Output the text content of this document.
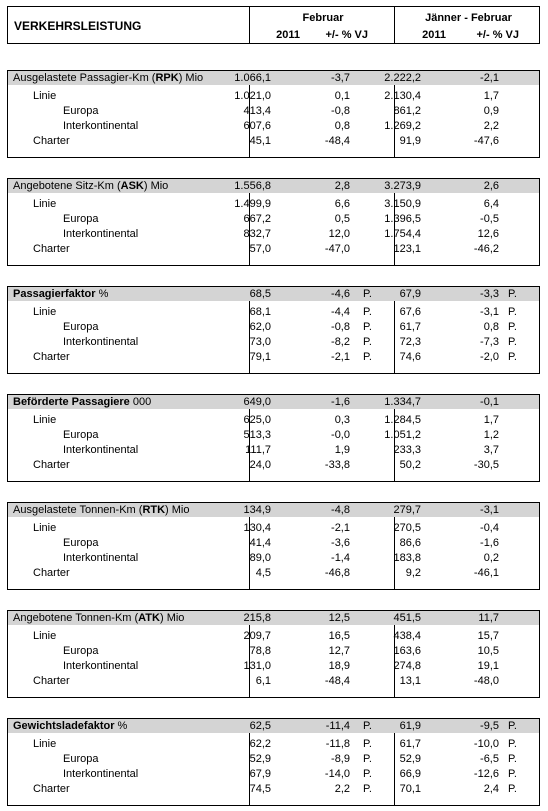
VERKEHRSLEISTUNG
Februar	Jänner - Februar
2011 +/- % VJ	2011	+/- % VJ
Ausgelastete Passagier-Km (RPK) Mio	1.066,1	-3,7	2.222,2	-2,1
Linie	1.021,0	0,1	2.130,4	1,7
Europa	413,4	-0,8	861,2	0,9
Interkontinental	607,6	0,8	1.269,2	2,2
Charter	45,1	-48,4	91,9	-47,6
Angebotene Sitz-Km (ASK) Mio	1.556,8	2,8	3.273,9	2,6
Linie	1.499,9	6,6	3.150,9	6,4
Europa	667,2	0,5	1.396,5	-0,5
Interkontinental	832,7	12,0	1.754,4	12,6
Charter	57,0	-47,0	123,1	-46,2
Passagierfaktor %	68,5	-4,6 P.	67,9	-3,3 P.
Linie	68,1	-4,4 P.	67,6	-3,1 P.
Europa	62,0	-0,8 P.	61,7	0,8 P.
Interkontinental	73,0	-8,2 P.	72,3	-7,3 P.
Charter	79,1	-2,1 P.	74,6	-2,0 P.
Beförderte Passagiere 000	649,0	-1,6	1.334,7	-0,1
Linie	625,0	0,3	1.284,5	1,7
Europa	513,3	-0,0	1.051,2	1,2
Interkontinental	111,7	1,9	233,3	3,7
Charter	24,0	-33,8	50,2	-30,5
Ausgelastete Tonnen-Km (RTK) Mio	134,9	-4,8	279,7	-3,1
Linie	130,4	-2,1	270,5	-0,4
Europa	41,4	-3,6	86,6	-1,6
Interkontinental	89,0	-1,4	183,8	0,2
Charter	4,5	-46,8	9,2	-46,1
Angebotene Tonnen-Km (ATK) Mio	215,8	12,5	451,5	11,7
Linie	209,7	16,5	438,4	15,7
Europa	78,8	12,7	163,6	10,5
Interkontinental	131,0	18,9	274,8	19,1
Charter	6,1	-48,4	13,1	-48,0
Gewichtsladefaktor %	62,5	-11,4 P.	61,9	-9,5 P.
Linie	62,2	-11,8 P.	61,7	-10,0 P.
Europa	52,9	-8,9 P.	52,9	-6,5 P.
Interkontinental	67,9	-14,0 P.	66,9	-12,6 P.
Charter	74,5	2,2 P.	70,1	2,4 P.
